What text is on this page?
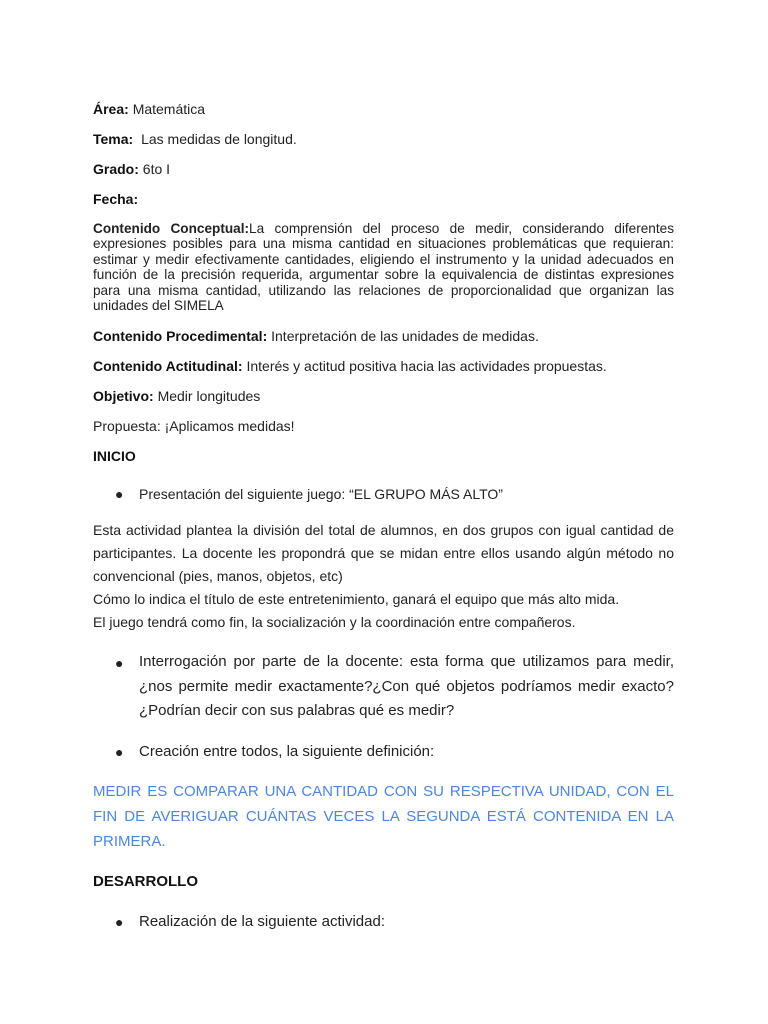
Área: Matemática
Tema: Las medidas de longitud.
Grado: 6to I
Fecha:
Contenido Conceptual:La comprensión del proceso de medir, considerando diferentes expresiones posibles para una misma cantidad en situaciones problemáticas que requieran: estimar y medir efectivamente cantidades, eligiendo el instrumento y la unidad adecuados en función de la precisión requerida, argumentar sobre la equivalencia de distintas expresiones para una misma cantidad, utilizando las relaciones de proporcionalidad que organizan las unidades del SIMELA
Contenido Procedimental: Interpretación de las unidades de medidas.
Contenido Actitudinal: Interés y actitud positiva hacia las actividades propuestas.
Objetivo: Medir longitudes
Propuesta: ¡Aplicamos medidas!
INICIO
● Presentación del siguiente juego: “EL GRUPO MÁS ALTO”
Esta actividad plantea la división del total de alumnos, en dos grupos con igual cantidad de participantes. La docente les propondrá que se midan entre ellos usando algún método no convencional (pies, manos, objetos, etc)
Cómo lo indica el título de este entretenimiento, ganará el equipo que más alto mida.
El juego tendrá como fin, la socialización y la coordinación entre compañeros.
● Interrogación por parte de la docente: esta forma que utilizamos para medir, ¿nos permite medir exactamente?¿Con qué objetos podríamos medir exacto?¿Podrían decir con sus palabras qué es medir?
● Creación entre todos, la siguiente definición:
MEDIR ES COMPARAR UNA CANTIDAD CON SU RESPECTIVA UNIDAD, CON EL FIN DE AVERIGUAR CUÁNTAS VECES LA SEGUNDA ESTÁ CONTENIDA EN LA PRIMERA.
DESARROLLO
● Realización de la siguiente actividad:
